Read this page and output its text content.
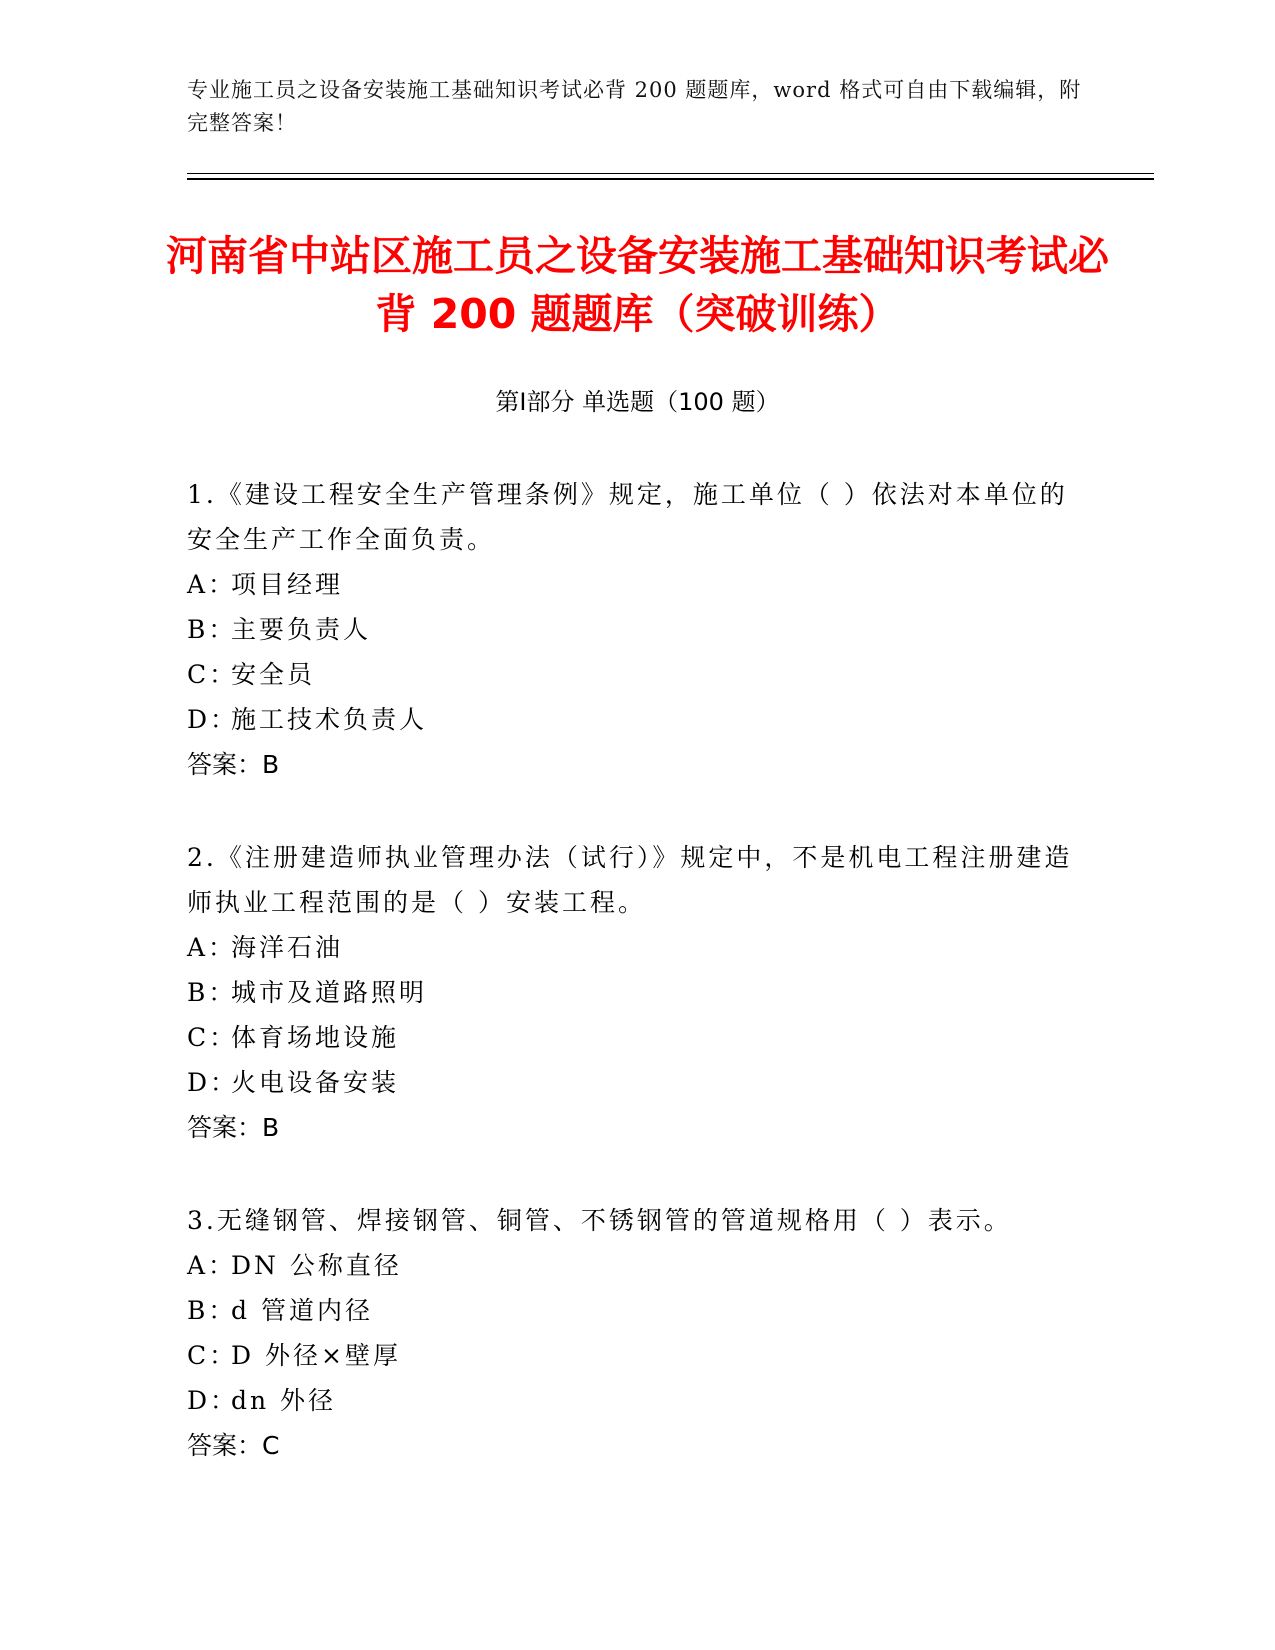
专业施工员之设备安装施工基础知识考试必背 200 题题库，word 格式可自由下载编辑，附完整答案！
河南省中站区施工员之设备安装施工基础知识考试必背 200 题题库（突破训练）
第Ⅰ部分 单选题（100 题）
1.《建设工程安全生产管理条例》规定，施工单位（ ）依法对本单位的安全生产工作全面负责。
A：项目经理
B：主要负责人
C：安全员
D：施工技术负责人
答案：B
2.《注册建造师执业管理办法（试行）》规定中，不是机电工程注册建造师执业工程范围的是（ ）安装工程。
A：海洋石油
B：城市及道路照明
C：体育场地设施
D：火电设备安装
答案：B
3.无缝钢管、焊接钢管、铜管、不锈钢管的管道规格用（ ）表示。
A：DN 公称直径
B：d 管道内径
C：D 外径×壁厚
D：dn 外径
答案：C
